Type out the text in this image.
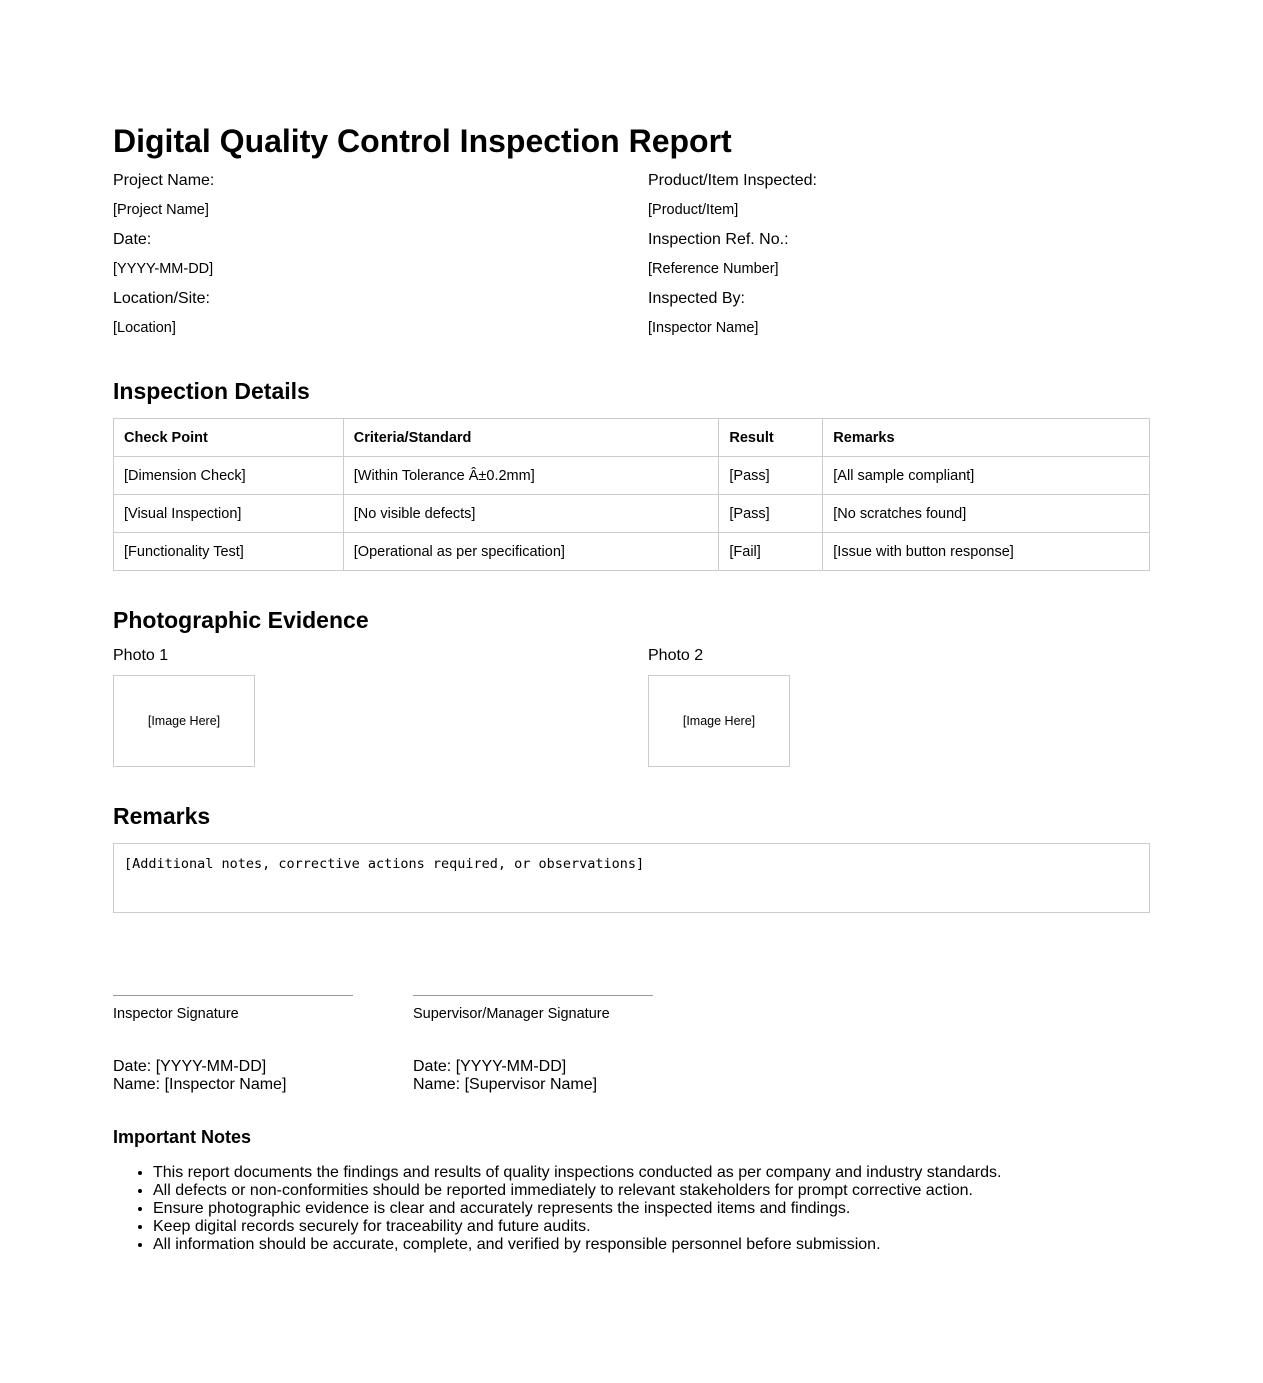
Digital Quality Control Inspection Report
Project Name:
[Project Name]
Date:
[YYYY-MM-DD]
Location/Site:
[Location]
Product/Item Inspected:
[Product/Item]
Inspection Ref. No.:
[Reference Number]
Inspected By:
[Inspector Name]
Inspection Details
Check Point	Criteria/Standard	Result	Remarks
[Dimension Check]	[Within Tolerance Â±0.2mm]	[Pass]	[All sample compliant]
[Visual Inspection]	[No visible defects]	[Pass]	[No scratches found]
[Functionality Test]	[Operational as per specification]	[Fail]	[Issue with button response]
Photographic Evidence
Photo 1
[Image Here]
Photo 2
[Image Here]
Remarks
[Additional notes, corrective actions required, or observations]
Inspector Signature
Date: [YYYY-MM-DD]
Name: [Inspector Name]
Supervisor/Manager Signature
Date: [YYYY-MM-DD]
Name: [Supervisor Name]
Important Notes
• This report documents the findings and results of quality inspections conducted as per company and industry standards.
• All defects or non-conformities should be reported immediately to relevant stakeholders for prompt corrective action.
• Ensure photographic evidence is clear and accurately represents the inspected items and findings.
• Keep digital records securely for traceability and future audits.
• All information should be accurate, complete, and verified by responsible personnel before submission.
